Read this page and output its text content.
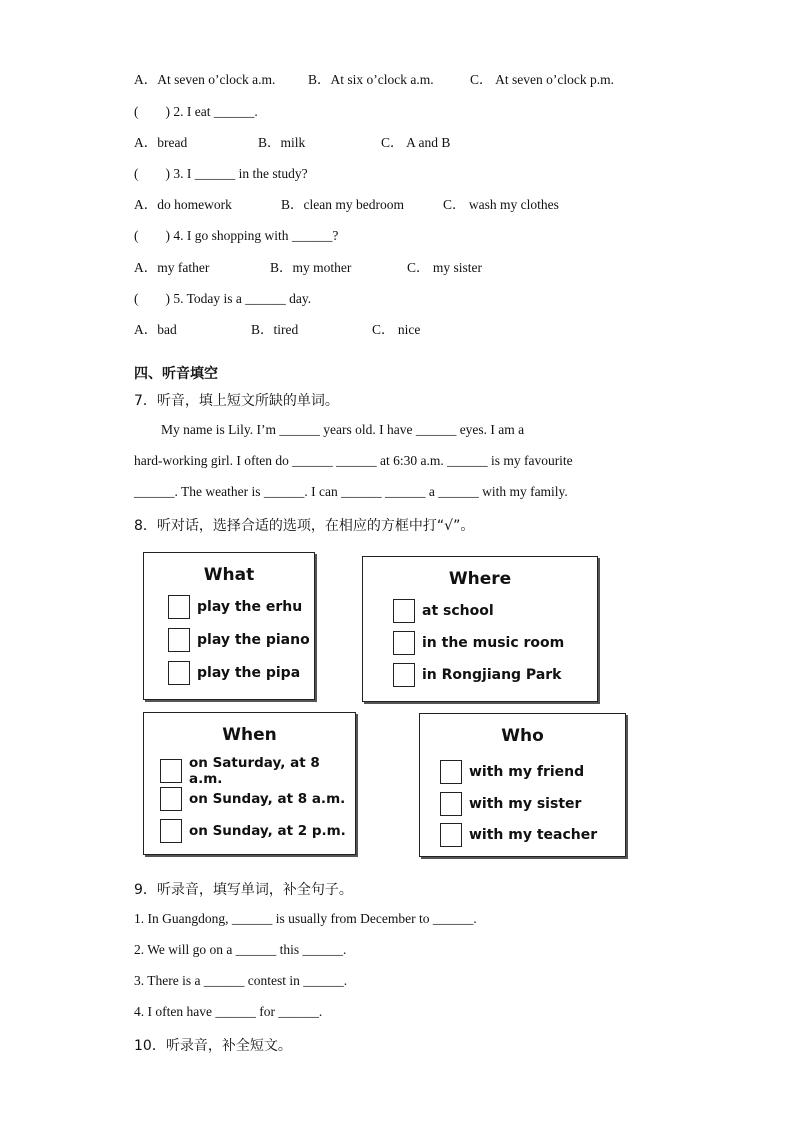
A．At seven o’clock a.m. B．At six o’clock a.m.	C． At seven o’clock p.m.
(　　) 2. I eat ______.
A．bread	B．milk	C． A and B
(　　) 3. I ______ in the study?
A．do homework	B．clean my bedroom	C． wash my clothes
(　　) 4. I go shopping with ______?
A．my father	B．my mother	C． my sister
(　　) 5. Today is a ______ day.
A．bad	B．tired	C． nice
四、听音填空
7．听音，填上短文所缺的单词。
My name is Lily. I’m ______ years old. I have ______ eyes. I am a
hard-working girl. I often do ______ ______ at 6:30 a.m. ______ is my favourite
______. The weather is ______. I can ______ ______ a ______ with my family.
8．听对话，选择合适的选项，在相应的方框中打“√”。
What
play the erhu
play the piano
play the pipa
Where
at school
in the music room
in Rongjiang Park
When
on Saturday, at 8 a.m.
on Sunday, at 8 a.m.
on Sunday, at 2 p.m.
Who
with my friend
with my sister
with my teacher
9．听录音，填写单词，补全句子。
1. In Guangdong, ______ is usually from December to ______.
2. We will go on a ______ this ______.
3. There is a ______ contest in ______.
4. I often have ______ for ______.
10．听录音，补全短文。
